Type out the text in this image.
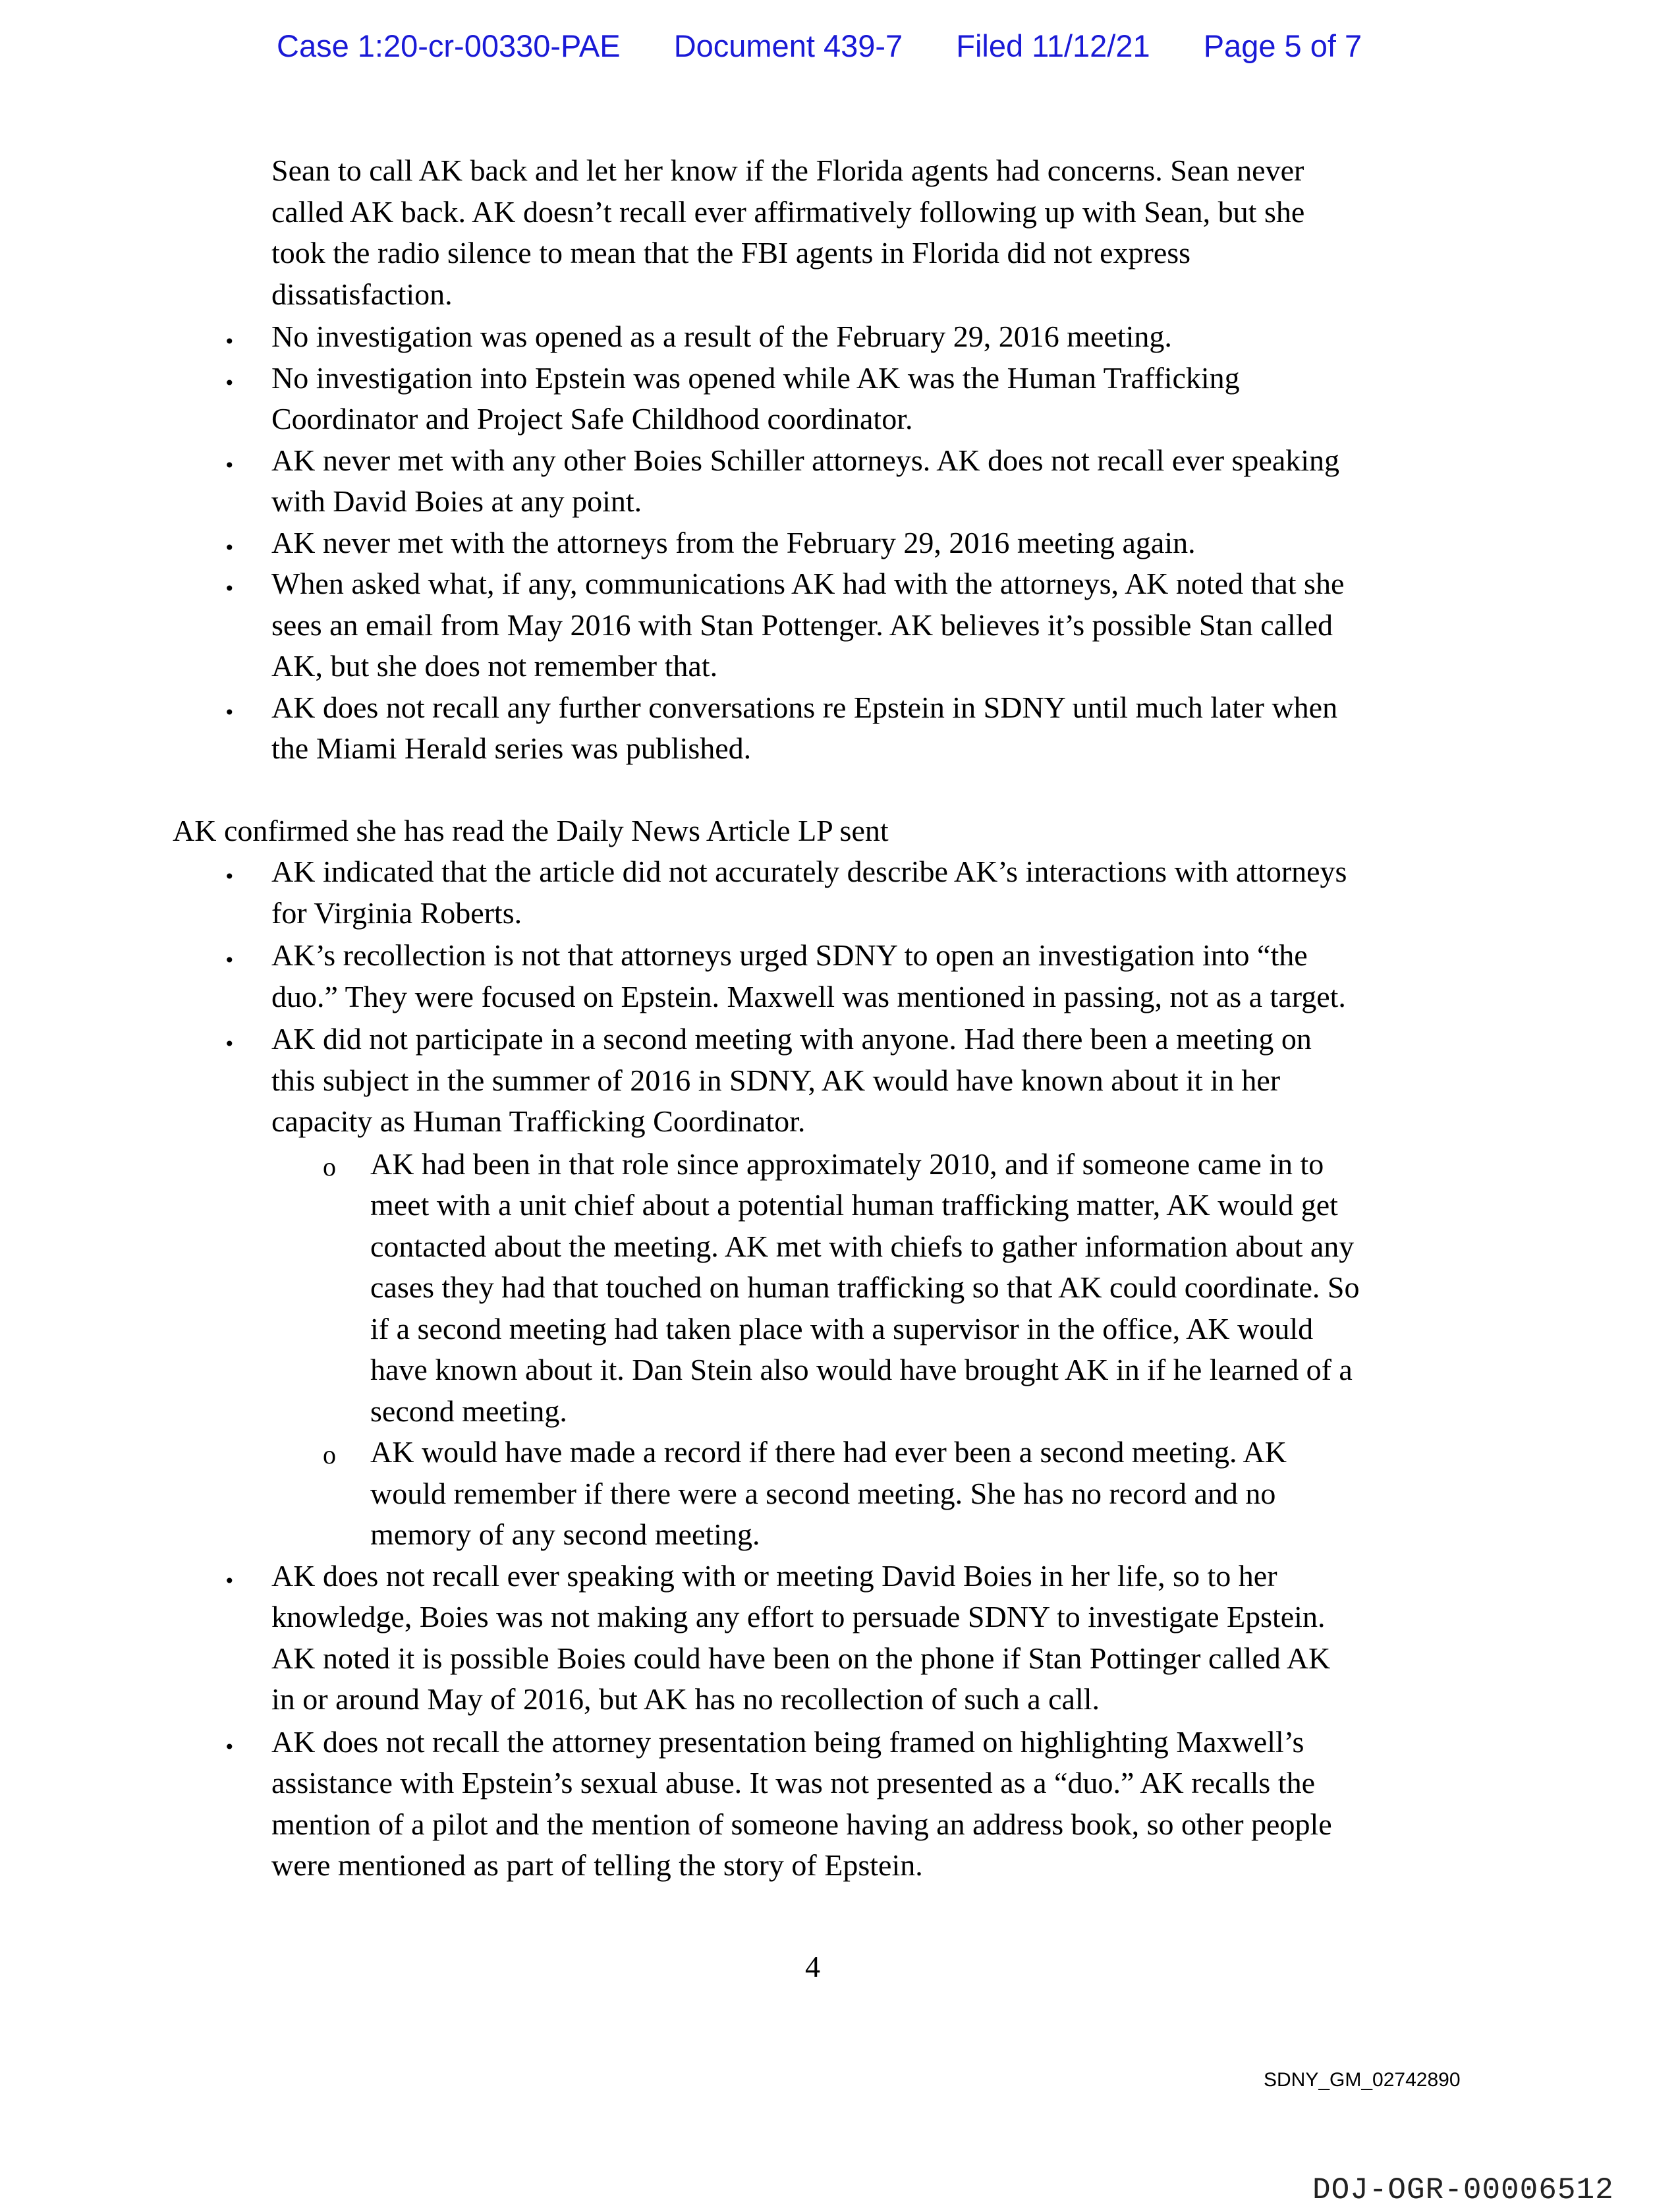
Case 1:20-cr-00330-PAE Document 439-7 Filed 11/12/21 Page 5 of 7
Sean to call AK back and let her know if the Florida agents had concerns. Sean never
called AK back. AK doesn’t recall ever affirmatively following up with Sean, but she
took the radio silence to mean that the FBI agents in Florida did not express
dissatisfaction.
• No investigation was opened as a result of the February 29, 2016 meeting.
• No investigation into Epstein was opened while AK was the Human Trafficking
Coordinator and Project Safe Childhood coordinator.
• AK never met with any other Boies Schiller attorneys. AK does not recall ever speaking
with David Boies at any point.
• AK never met with the attorneys from the February 29, 2016 meeting again.
• When asked what, if any, communications AK had with the attorneys, AK noted that she
sees an email from May 2016 with Stan Pottenger. AK believes it’s possible Stan called
AK, but she does not remember that.
• AK does not recall any further conversations re Epstein in SDNY until much later when
the Miami Herald series was published.
AK confirmed she has read the Daily News Article LP sent
• AK indicated that the article did not accurately describe AK’s interactions with attorneys
for Virginia Roberts.
• AK’s recollection is not that attorneys urged SDNY to open an investigation into “the
duo.” They were focused on Epstein. Maxwell was mentioned in passing, not as a target.
• AK did not participate in a second meeting with anyone. Had there been a meeting on
this subject in the summer of 2016 in SDNY, AK would have known about it in her
capacity as Human Trafficking Coordinator.
o AK had been in that role since approximately 2010, and if someone came in to
meet with a unit chief about a potential human trafficking matter, AK would get
contacted about the meeting. AK met with chiefs to gather information about any
cases they had that touched on human trafficking so that AK could coordinate. So
if a second meeting had taken place with a supervisor in the office, AK would
have known about it. Dan Stein also would have brought AK in if he learned of a
second meeting.
o AK would have made a record if there had ever been a second meeting. AK
would remember if there were a second meeting. She has no record and no
memory of any second meeting.
• AK does not recall ever speaking with or meeting David Boies in her life, so to her
knowledge, Boies was not making any effort to persuade SDNY to investigate Epstein.
AK noted it is possible Boies could have been on the phone if Stan Pottinger called AK
in or around May of 2016, but AK has no recollection of such a call.
• AK does not recall the attorney presentation being framed on highlighting Maxwell’s
assistance with Epstein’s sexual abuse. It was not presented as a “duo.” AK recalls the
mention of a pilot and the mention of someone having an address book, so other people
were mentioned as part of telling the story of Epstein.
4
SDNY_GM_02742890
DOJ-OGR-00006512
